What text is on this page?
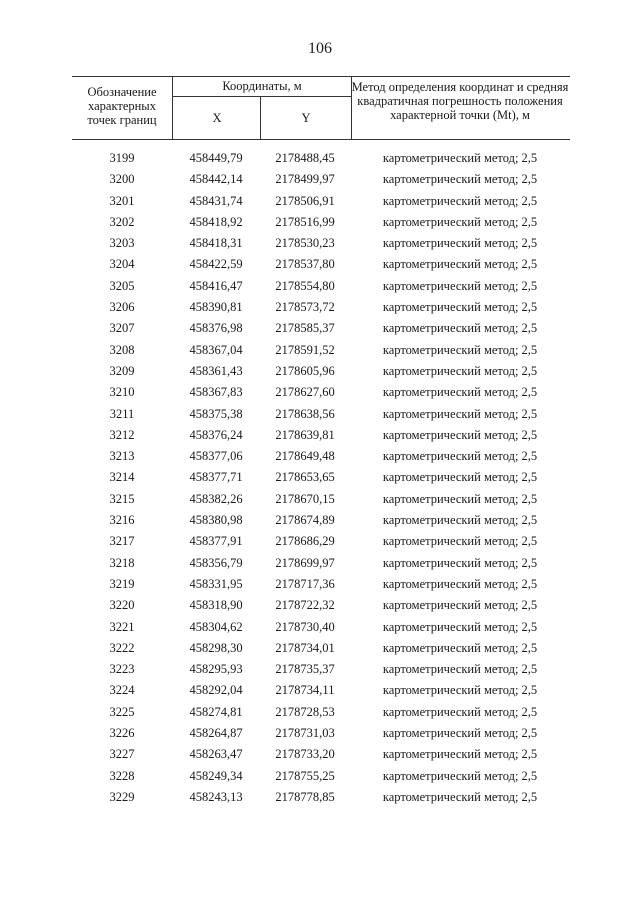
106
Обозначение характерных точек границ
Координаты, м
X	Y
Метод определения координат и средняя квадратичная погрешность положения характерной точки (Mt), м
3199	458449,79	2178488,45	картометрический метод; 2,5
3200	458442,14	2178499,97	картометрический метод; 2,5
3201	458431,74	2178506,91	картометрический метод; 2,5
3202	458418,92	2178516,99	картометрический метод; 2,5
3203	458418,31	2178530,23	картометрический метод; 2,5
3204	458422,59	2178537,80	картометрический метод; 2,5
3205	458416,47	2178554,80	картометрический метод; 2,5
3206	458390,81	2178573,72	картометрический метод; 2,5
3207	458376,98	2178585,37	картометрический метод; 2,5
3208	458367,04	2178591,52	картометрический метод; 2,5
3209	458361,43	2178605,96	картометрический метод; 2,5
3210	458367,83	2178627,60	картометрический метод; 2,5
3211	458375,38	2178638,56	картометрический метод; 2,5
3212	458376,24	2178639,81	картометрический метод; 2,5
3213	458377,06	2178649,48	картометрический метод; 2,5
3214	458377,71	2178653,65	картометрический метод; 2,5
3215	458382,26	2178670,15	картометрический метод; 2,5
3216	458380,98	2178674,89	картометрический метод; 2,5
3217	458377,91	2178686,29	картометрический метод; 2,5
3218	458356,79	2178699,97	картометрический метод; 2,5
3219	458331,95	2178717,36	картометрический метод; 2,5
3220	458318,90	2178722,32	картометрический метод; 2,5
3221	458304,62	2178730,40	картометрический метод; 2,5
3222	458298,30	2178734,01	картометрический метод; 2,5
3223	458295,93	2178735,37	картометрический метод; 2,5
3224	458292,04	2178734,11	картометрический метод; 2,5
3225	458274,81	2178728,53	картометрический метод; 2,5
3226	458264,87	2178731,03	картометрический метод; 2,5
3227	458263,47	2178733,20	картометрический метод; 2,5
3228	458249,34	2178755,25	картометрический метод; 2,5
3229	458243,13	2178778,85	картометрический метод; 2,5
